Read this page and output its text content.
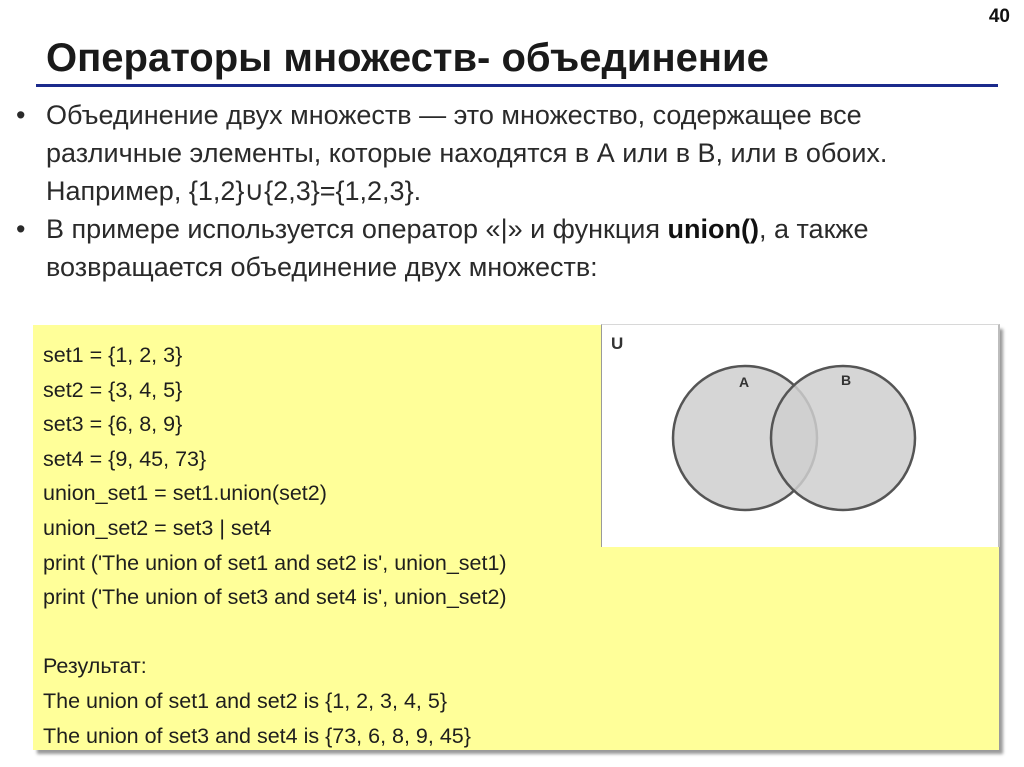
40
Операторы множеств- объединение
• Объединение двух множеств — это множество, содержащее все различные элементы, которые находятся в А или в В, или в обоих. Например, {1,2}∪{2,3}={1,2,3}.
• В примере используется оператор «|» и функция union(), а также возвращается объединение двух множеств:
set1 = {1, 2, 3}
set2 = {3, 4, 5}
set3 = {6, 8, 9}
set4 = {9, 45, 73}
union_set1 = set1.union(set2)
union_set2 = set3 | set4
print ('The union of set1 and set2 is', union_set1)
print ('The union of set3 and set4 is', union_set2)
Результат:
The union of set1 and set2 is {1, 2, 3, 4, 5}
The union of set3 and set4 is {73, 6, 8, 9, 45}
U
A	B
